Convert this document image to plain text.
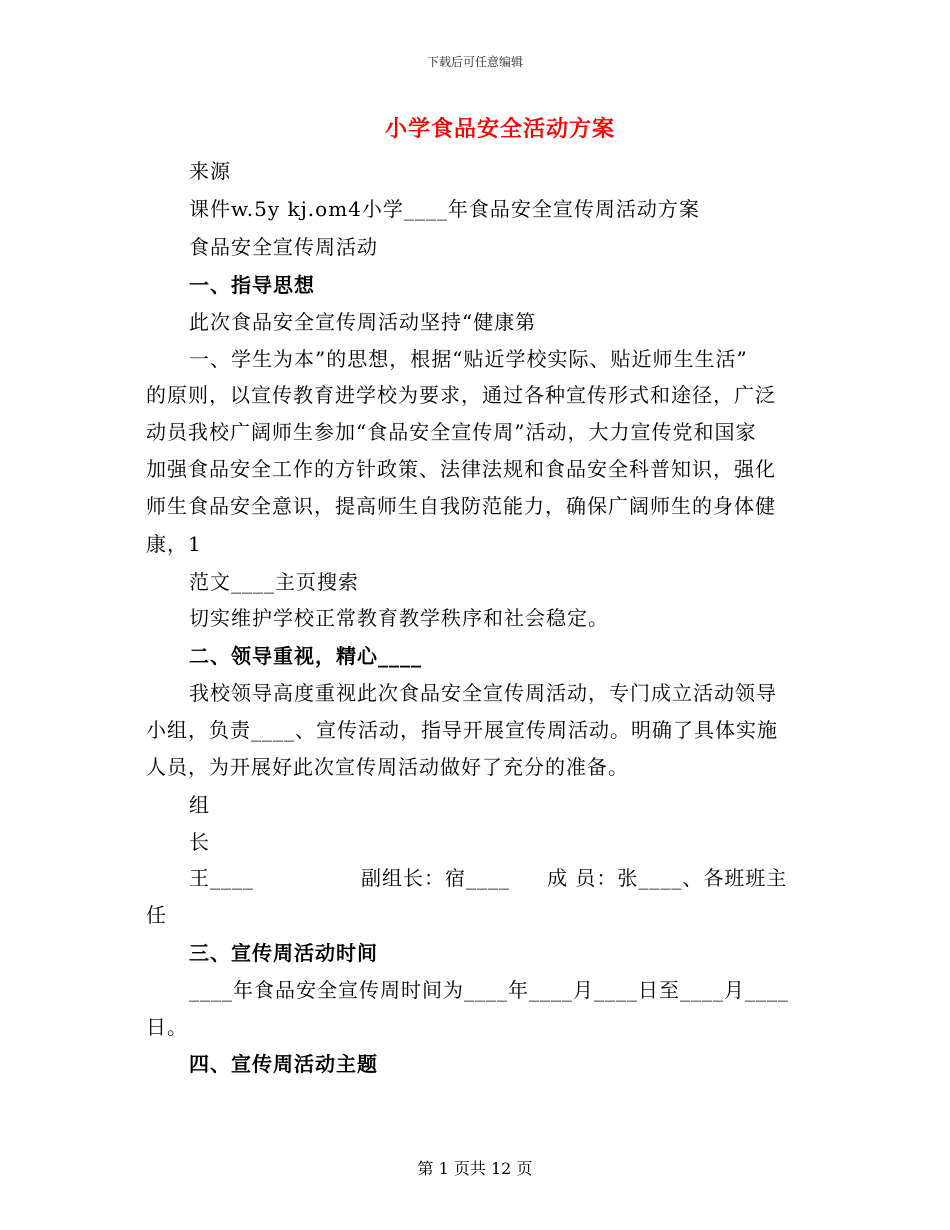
下载后可任意编辑
小学食品安全活动方案
来源
课件w.5y kj.om4小学____年食品安全宣传周活动方案
食品安全宣传周活动
一、指导思想
此次食品安全宣传周活动坚持“健康第
一、学生为本”的思想，根据“贴近学校实际、贴近师生生活”
的原则，以宣传教育进学校为要求，通过各种宣传形式和途径，广泛
动员我校广阔师生参加“食品安全宣传周”活动，大力宣传党和国家
加强食品安全工作的方针政策、法律法规和食品安全科普知识，强化
师生食品安全意识，提高师生自我防范能力，确保广阔师生的身体健
康，1
范文____主页搜索
切实维护学校正常教育教学秩序和社会稳定。
二、领导重视，精心____
我校领导高度重视此次食品安全宣传周活动，专门成立活动领导
小组，负责____、宣传活动，指导开展宣传周活动。明确了具体实施
人员，为开展好此次宣传周活动做好了充分的准备。
组
长
王____	副组长：宿____ 成 员：张____、各班班主
任
三、宣传周活动时间
____年食品安全宣传周时间为____年____月____日至____月____
日。
四、宣传周活动主题
第 1 页共 12 页
